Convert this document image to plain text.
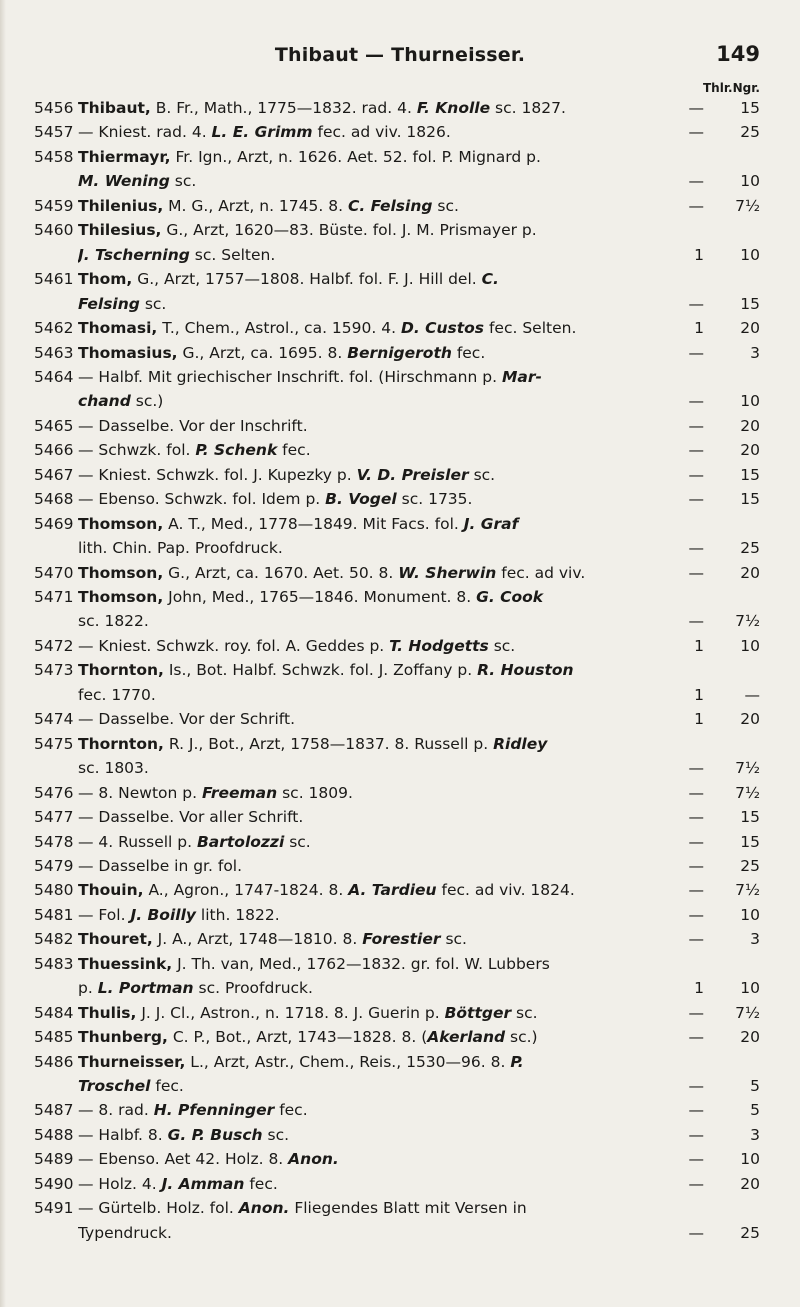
Thibaut — Thurneisser.	149
Thlr.Ngr.
5456 Thibaut, B. Fr., Math., 1775—1832. rad. 4. F. Knolle sc. 1827.	—	15
5457 — Kniest. rad. 4. L. E. Grimm fec. ad viv. 1826.	—	25
5458 Thiermayr, Fr. Ign., Arzt, n. 1626. Aet. 52. fol. P. Mignard p.
M. Wening sc.	—	10
5459 Thilenius, M. G., Arzt, n. 1745. 8. C. Felsing sc.	—	7½
5460 Thilesius, G., Arzt, 1620—83. Büste. fol. J. M. Prismayer p.
J. Tscherning sc. Selten.	1	10
5461 Thom, G., Arzt, 1757—1808. Halbf. fol. F. J. Hill del. C.
Felsing sc.	—	15
5462 Thomasi, T., Chem., Astrol., ca. 1590. 4. D. Custos fec. Selten.	1	20
5463 Thomasius, G., Arzt, ca. 1695. 8. Bernigeroth fec.	—	3
5464 — Halbf. Mit griechischer Inschrift. fol. (Hirschmann p. Mar-
chand sc.)	—	10
5465 — Dasselbe. Vor der Inschrift.	—	20
5466 — Schwzk. fol. P. Schenk fec.	—	20
5467 — Kniest. Schwzk. fol. J. Kupezky p. V. D. Preisler sc.	—	15
5468 — Ebenso. Schwzk. fol. Idem p. B. Vogel sc. 1735.	—	15
5469 Thomson, A. T., Med., 1778—1849. Mit Facs. fol. J. Graf
lith. Chin. Pap. Proofdruck.	—	25
5470 Thomson, G., Arzt, ca. 1670. Aet. 50. 8. W. Sherwin fec. ad viv.	—	20
5471 Thomson, John, Med., 1765—1846. Monument. 8. G. Cook
sc. 1822.	—	7½
5472 — Kniest. Schwzk. roy. fol. A. Geddes p. T. Hodgetts sc.	1	10
5473 Thornton, Is., Bot. Halbf. Schwzk. fol. J. Zoffany p. R. Houston
fec. 1770.	1	—
5474 — Dasselbe. Vor der Schrift.	1	20
5475 Thornton, R. J., Bot., Arzt, 1758—1837. 8. Russell p. Ridley
sc. 1803.	—	7½
5476 — 8. Newton p. Freeman sc. 1809.	—	7½
5477 — Dasselbe. Vor aller Schrift.	—	15
5478 — 4. Russell p. Bartolozzi sc.	—	15
5479 — Dasselbe in gr. fol.	—	25
5480 Thouin, A., Agron., 1747-1824. 8. A. Tardieu fec. ad viv. 1824.	—	7½
5481 — Fol. J. Boilly lith. 1822.	—	10
5482 Thouret, J. A., Arzt, 1748—1810. 8. Forestier sc.	—	3
5483 Thuessink, J. Th. van, Med., 1762—1832. gr. fol. W. Lubbers
p. L. Portman sc. Proofdruck.	1	10
5484 Thulis, J. J. Cl., Astron., n. 1718. 8. J. Guerin p. Böttger sc.	—	7½
5485 Thunberg, C. P., Bot., Arzt, 1743—1828. 8. (Akerland sc.)	—	20
5486 Thurneisser, L., Arzt, Astr., Chem., Reis., 1530—96. 8. P.
Troschel fec.	—	5
5487 — 8. rad. H. Pfenninger fec.	—	5
5488 — Halbf. 8. G. P. Busch sc.	—	3
5489 — Ebenso. Aet 42. Holz. 8. Anon.	—	10
5490 — Holz. 4. J. Amman fec.	—	20
5491 — Gürtelb. Holz. fol. Anon. Fliegendes Blatt mit Versen in
Typendruck.	—	25
